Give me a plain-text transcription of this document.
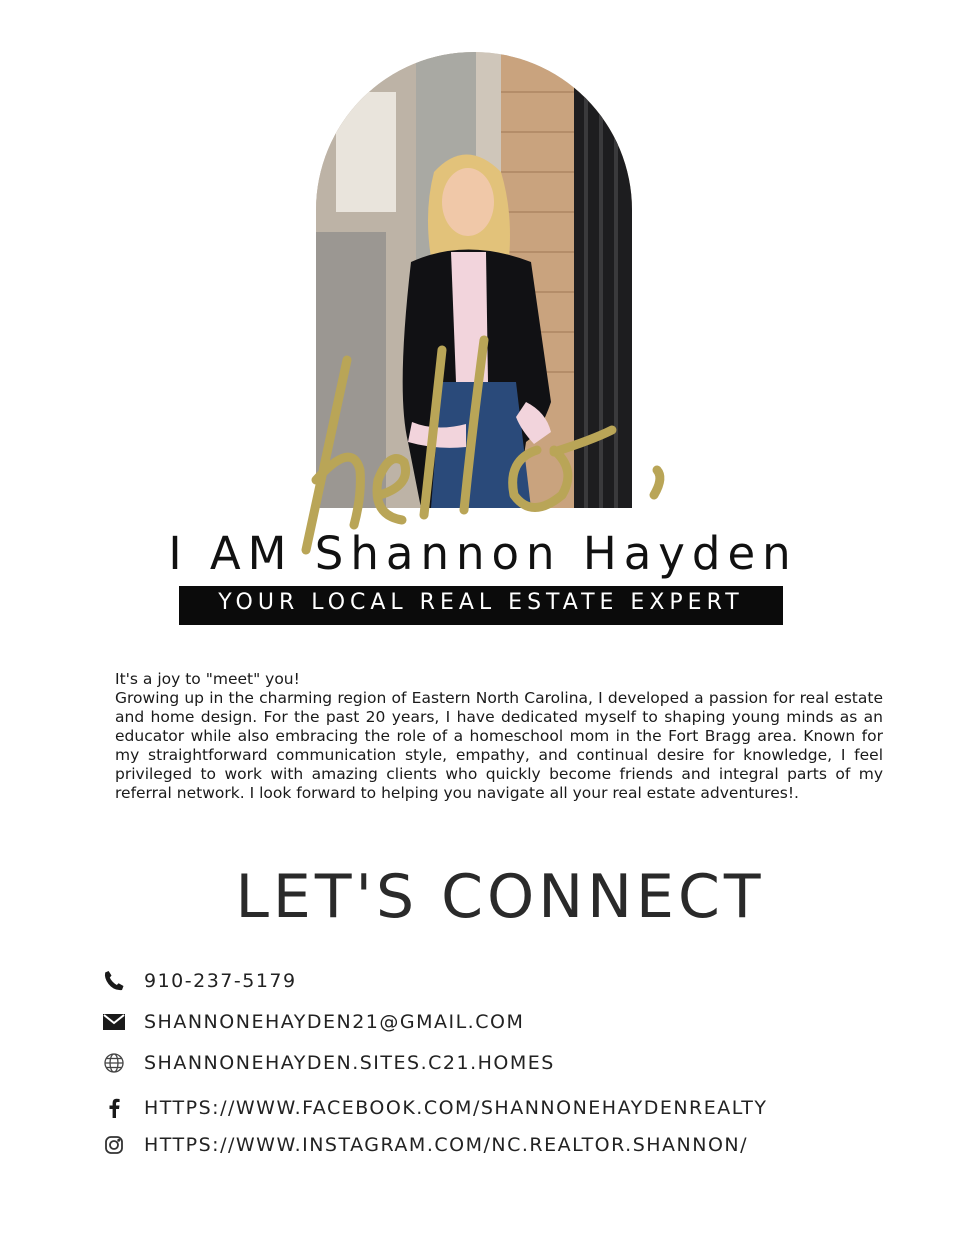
I AM Shannon Hayden
YOUR LOCAL REAL ESTATE EXPERT

It's a joy to "meet" you!

Growing up in the charming region of Eastern North Carolina, I developed a passion for real estate and home design. For the past 20 years, I have dedicated myself to shaping young minds as an educator while also embracing the role of a homeschool mom in the Fort Bragg area. Known for my straightforward communication style, empathy, and continual desire for knowledge, I feel privileged to work with amazing clients who quickly become friends and integral parts of my referral network. I look forward to helping you navigate all your real estate adventures!.

LET'S CONNECT
910-237-5179
SHANNONEHAYDEN21@GMAIL.COM
SHANNONEHAYDEN.SITES.C21.HOMES
HTTPS://WWW.FACEBOOK.COM/SHANNONEHAYDENREALTY
HTTPS://WWW.INSTAGRAM.COM/NC.REALTOR.SHANNON/
